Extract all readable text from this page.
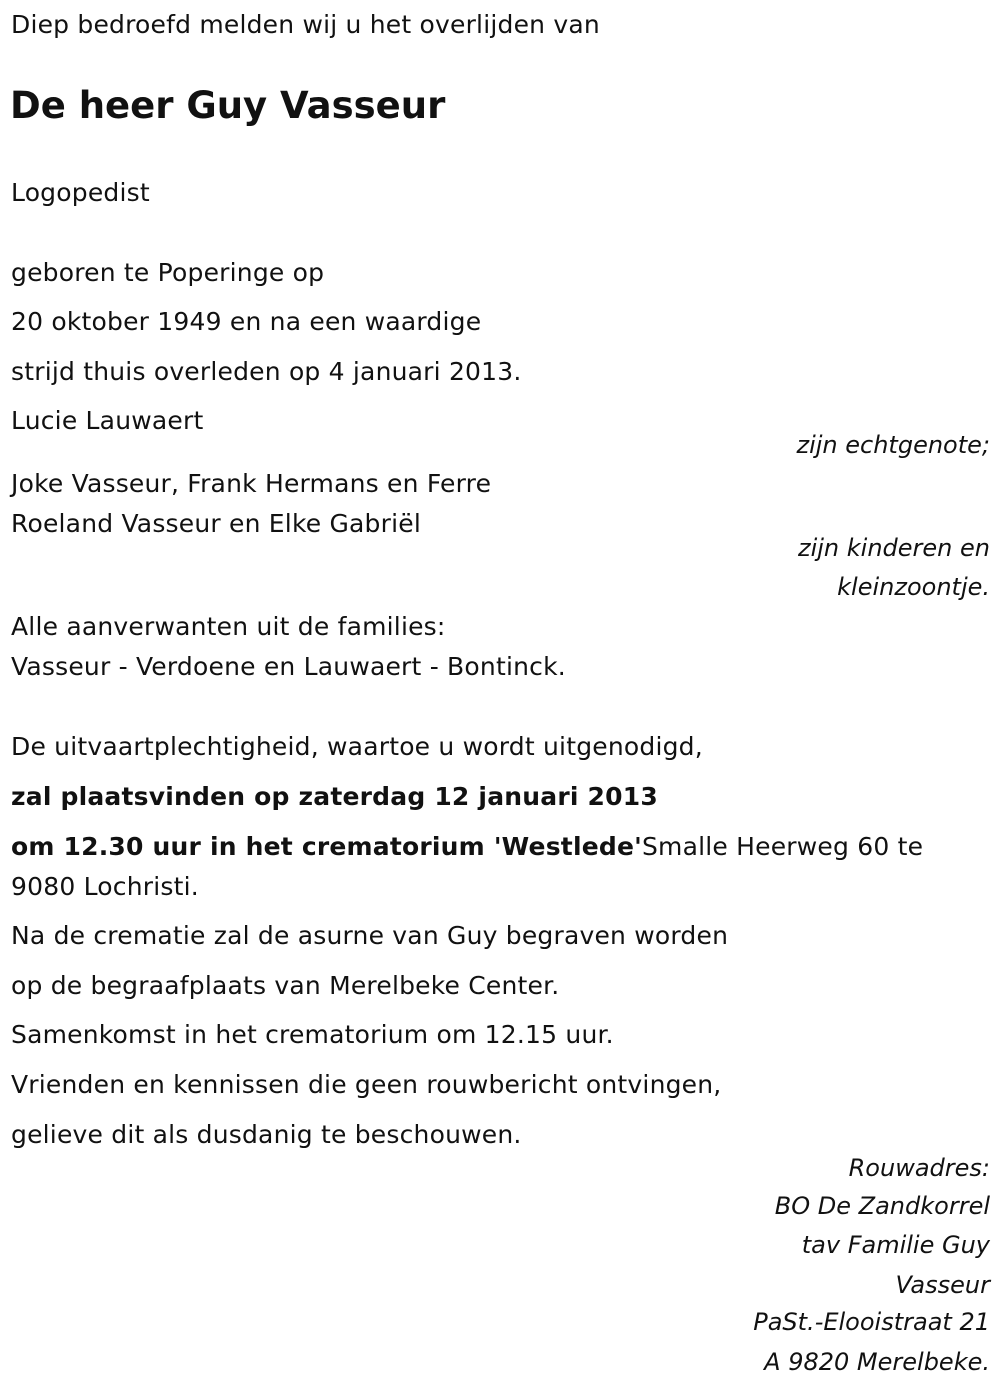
Diep bedroefd melden wij u het overlijden van
De heer Guy Vasseur
Logopedist
geboren te Poperinge op
20 oktober 1949 en na een waardige
strijd thuis overleden op 4 januari 2013.
Lucie Lauwaert
zijn echtgenote;
Joke Vasseur, Frank Hermans en Ferre
Roeland Vasseur en Elke Gabriël
zijn kinderen en
kleinzoontje.
Alle aanverwanten uit de families:
Vasseur - Verdoene en Lauwaert - Bontinck.
De uitvaartplechtigheid, waartoe u wordt uitgenodigd,
zal plaatsvinden op zaterdag 12 januari 2013
om 12.30 uur in het crematorium 'Westlede'Smalle Heerweg 60 te
9080 Lochristi.
Na de crematie zal de asurne van Guy begraven worden
op de begraafplaats van Merelbeke Center.
Samenkomst in het crematorium om 12.15 uur.
Vrienden en kennissen die geen rouwbericht ontvingen,
gelieve dit als dusdanig te beschouwen.
Rouwadres:
BO De Zandkorrel
tav Familie Guy
Vasseur
PaSt.-Elooistraat 21
A 9820 Merelbeke.
